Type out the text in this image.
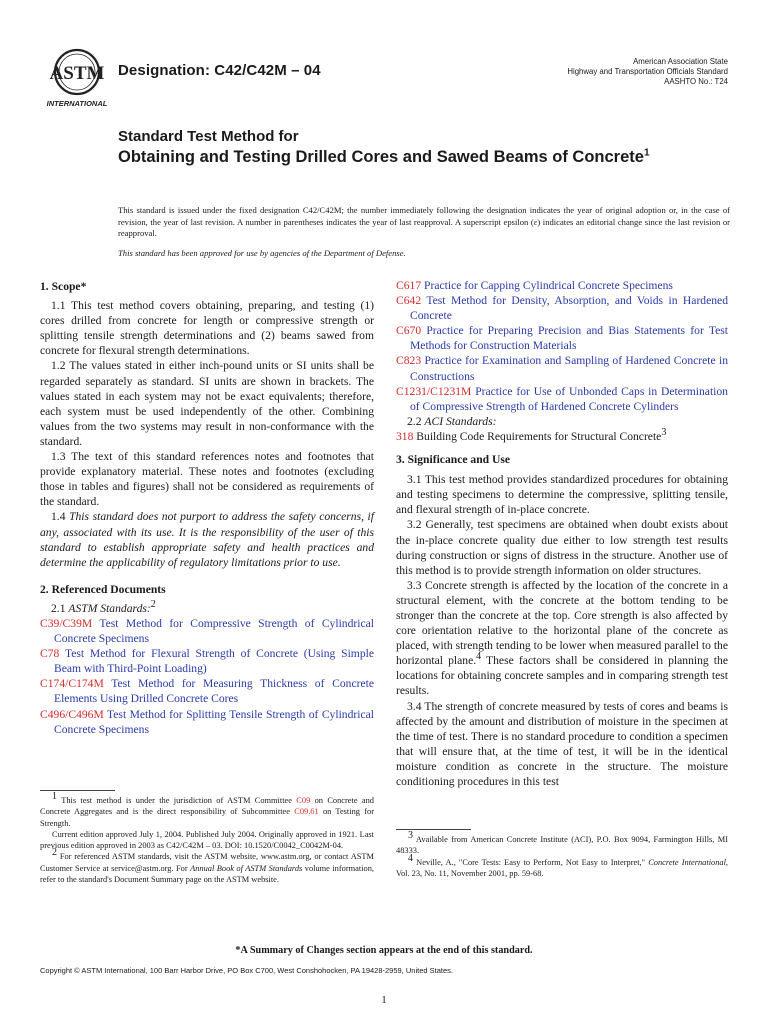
ASTM
INTERNATIONAL
Designation: C42/C42M – 04
American Association State
Highway and Transportation Officials Standard
AASHTO No.: T24
Standard Test Method for
Obtaining and Testing Drilled Cores and Sawed Beams of Concrete$^1$
This standard is issued under the fixed designation C42/C42M; the number immediately following the designation indicates the year of original adoption or, in the case of revision, the year of last revision. A number in parentheses indicates the year of last reapproval. A superscript epsilon (ε) indicates an editorial change since the last revision or reapproval.
This standard has been approved for use by agencies of the Department of Defense.
1. Scope*

1.1 This test method covers obtaining, preparing, and testing (1) cores drilled from concrete for length or compressive strength or splitting tensile strength determinations and (2) beams sawed from concrete for flexural strength determinations.

1.2 The values stated in either inch-pound units or SI units shall be regarded separately as standard. SI units are shown in brackets. The values stated in each system may not be exact equivalents; therefore, each system must be used independently of the other. Combining values from the two systems may result in non-conformance with the standard.

1.3 The text of this standard references notes and footnotes that provide explanatory material. These notes and footnotes (excluding those in tables and figures) shall not be considered as requirements of the standard.

1.4 This standard does not purport to address the safety concerns, if any, associated with its use. It is the responsibility of the user of this standard to establish appropriate safety and health practices and determine the applicability of regulatory limitations prior to use.

2. Referenced Documents

2.1 ASTM Standards:2

C39/C39M Test Method for Compressive Strength of Cylindrical Concrete Specimens

C78 Test Method for Flexural Strength of Concrete (Using Simple Beam with Third-Point Loading)

C174/C174M Test Method for Measuring Thickness of Concrete Elements Using Drilled Concrete Cores

C496/C496M Test Method for Splitting Tensile Strength of Cylindrical Concrete Specimens

C617 Practice for Capping Cylindrical Concrete Specimens

C642 Test Method for Density, Absorption, and Voids in Hardened Concrete

C670 Practice for Preparing Precision and Bias Statements for Test Methods for Construction Materials

C823 Practice for Examination and Sampling of Hardened Concrete in Constructions

C1231/C1231M Practice for Use of Unbonded Caps in Determination of Compressive Strength of Hardened Concrete Cylinders

2.2 ACI Standards:

318 Building Code Requirements for Structural Concrete3

3. Significance and Use

3.1 This test method provides standardized procedures for obtaining and testing specimens to determine the compressive, splitting tensile, and flexural strength of in-place concrete.

3.2 Generally, test specimens are obtained when doubt exists about the in-place concrete quality due either to low strength test results during construction or signs of distress in the structure. Another use of this method is to provide strength information on older structures.

3.3 Concrete strength is affected by the location of the concrete in a structural element, with the concrete at the bottom tending to be stronger than the concrete at the top. Core strength is also affected by core orientation relative to the horizontal plane of the concrete as placed, with strength tending to be lower when measured parallel to the horizontal plane.4 These factors shall be considered in planning the locations for obtaining concrete samples and in comparing strength test results.

3.4 The strength of concrete measured by tests of cores and beams is affected by the amount and distribution of moisture in the specimen at the time of test. There is no standard procedure to condition a specimen that will ensure that, at the time of test, it will be in the identical moisture condition as concrete in the structure. The moisture conditioning procedures in this test

1 This test method is under the jurisdiction of ASTM Committee C09 on Concrete and Concrete Aggregates and is the direct responsibility of Subcommittee C09.61 on Testing for Strength.

Current edition approved July 1, 2004. Published July 2004. Originally approved in 1921. Last previous edition approved in 2003 as C42/C42M – 03. DOI: 10.1520/C0042_C0042M-04.

2 For referenced ASTM standards, visit the ASTM website, www.astm.org, or contact ASTM Customer Service at service@astm.org. For Annual Book of ASTM Standards volume information, refer to the standard's Document Summary page on the ASTM website.

3 Available from American Concrete Institute (ACI), P.O. Box 9094, Farmington Hills, MI 48333.

4 Neville, A., "Core Tests: Easy to Perform, Not Easy to Interpret," Concrete International, Vol. 23, No. 11, November 2001, pp. 59-68.

*A Summary of Changes section appears at the end of this standard.
Copyright © ASTM International, 100 Barr Harbor Drive, PO Box C700, West Conshohocken, PA 19428-2959, United States.
1
